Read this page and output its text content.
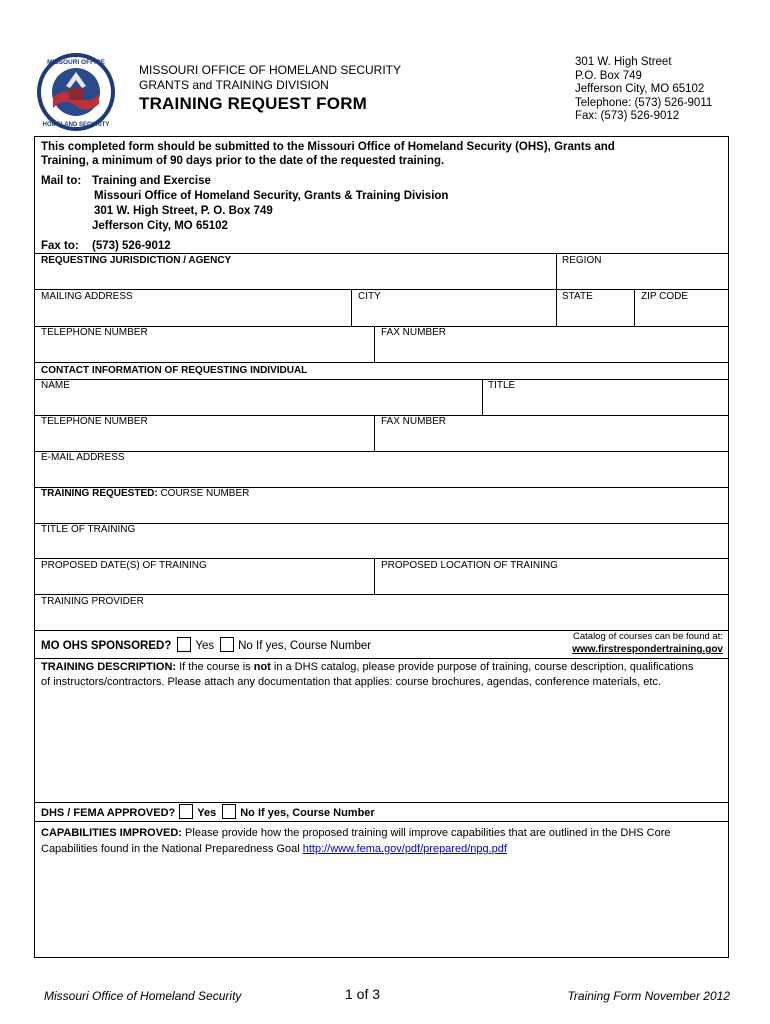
MISSOURI OFFICE
HOMELAND SECURITY
MISSOURI OFFICE OF HOMELAND SECURITY
GRANTS and TRAINING DIVISION
TRAINING REQUEST FORM
301 W. High Street
P.O. Box 749
Jefferson City, MO 65102
Telephone: (573) 526-9011
Fax: (573) 526-9012
This completed form should be submitted to the Missouri Office of Homeland Security (OHS), Grants and
Training, a minimum of 90 days prior to the date of the requested training.
Mail to: Training and Exercise
Missouri Office of Homeland Security, Grants & Training Division
301 W. High Street, P. O. Box 749
Jefferson City, MO 65102
Fax to: (573) 526-9012
REQUESTING JURISDICTION / AGENCY	REGION
MAILING ADDRESS	CITY	STATE	ZIP CODE
TELEPHONE NUMBER	FAX NUMBER
CONTACT INFORMATION OF REQUESTING INDIVIDUAL
NAME	TITLE
TELEPHONE NUMBER	FAX NUMBER
E-MAIL ADDRESS
TRAINING REQUESTED: COURSE NUMBER
TITLE OF TRAINING
PROPOSED DATE(S) OF TRAINING	PROPOSED LOCATION OF TRAINING
TRAINING PROVIDER
MO OHS SPONSORED? Yes No If yes, Course Number
Catalog of courses can be found at:
www.firstrespondertraining.gov
TRAINING DESCRIPTION: If the course is not in a DHS catalog, please provide purpose of training, course description, qualifications
of instructors/contractors. Please attach any documentation that applies: course brochures, agendas, conference materials, etc.
DHS / FEMA APPROVED? Yes No If yes, Course Number
CAPABILITIES IMPROVED: Please provide how the proposed training will improve capabilities that are outlined in the DHS Core
Capabilities found in the National Preparedness Goal http://www.fema.gov/pdf/prepared/npg.pdf
Missouri Office of Homeland Security	1 of 3	Training Form November 2012
